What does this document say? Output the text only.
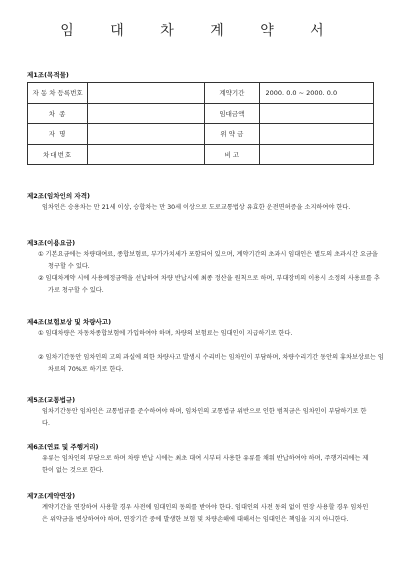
임 대 차 계 약 서
제1조(목적물)
자 동 차 등록번호		계약기간	2000. 0.0 ~ 2000. 0.0
차 종		임대금액	
자 명		위 약 금	
차대번호		비 고	
제2조(임차인의 자격)
임차인은 승용차는 만 21세 이상, 승합차는 만 30세 이상으로 도로교통법상 유효한 운전면허증을 소지하여야 한다.
제3조(이용요금)
① 기본요금에는 차량대여료, 종합보험료, 부가가치세가 포함되어 있으며, 계약기간의 초과시 임대인은 별도의 초과시간 요금을 청구할 수 있다.
② 임대차계약 시에 사용예정금액을 선납하여 차량 반납시에 최종 정산을 원칙으로 하며, 부대장비의 이용시 소정의 사용료를 추가로 청구할 수 있다.
제4조(보험보상 및 차량사고)
① 임대차량은 자동차종합보험에 가입하여야 하며, 차량의 보험료는 임대인이 지급하기로 한다.
② 임차기간동안 임차인의 고의 과실에 의한 차량사고 발생시 수리비는 임차인이 부담하며, 차량수리기간 동안의 휴차보상료는 임차료의 70%로 하기로 한다.
제5조(교통법규)
임차기간동안 임차인은 교통법규를 준수하여야 하며, 임차인의 교통법규 위반으로 인한 범칙금은 임차인이 부담하기로 한다.
제6조(연료 및 주행거리)
유류는 임차인의 부담으로 하며 차량 반납 시에는 최초 대여 시부터 사용한 유류를 채워 반납하여야 하며, 주행거리에는 제한이 없는 것으로 한다.
제7조(계약연장)
계약기간을 연장하여 사용할 경우 사전에 임대인의 동의를 받아야 한다. 임대인의 사전 동의 없이 연장 사용할 경우 임차인은 위약금을 변상하여야 하며, 연장기간 중에 발생한 보험 및 차량손해에 대해서는 임대인은 책임을 지지 아니한다.
